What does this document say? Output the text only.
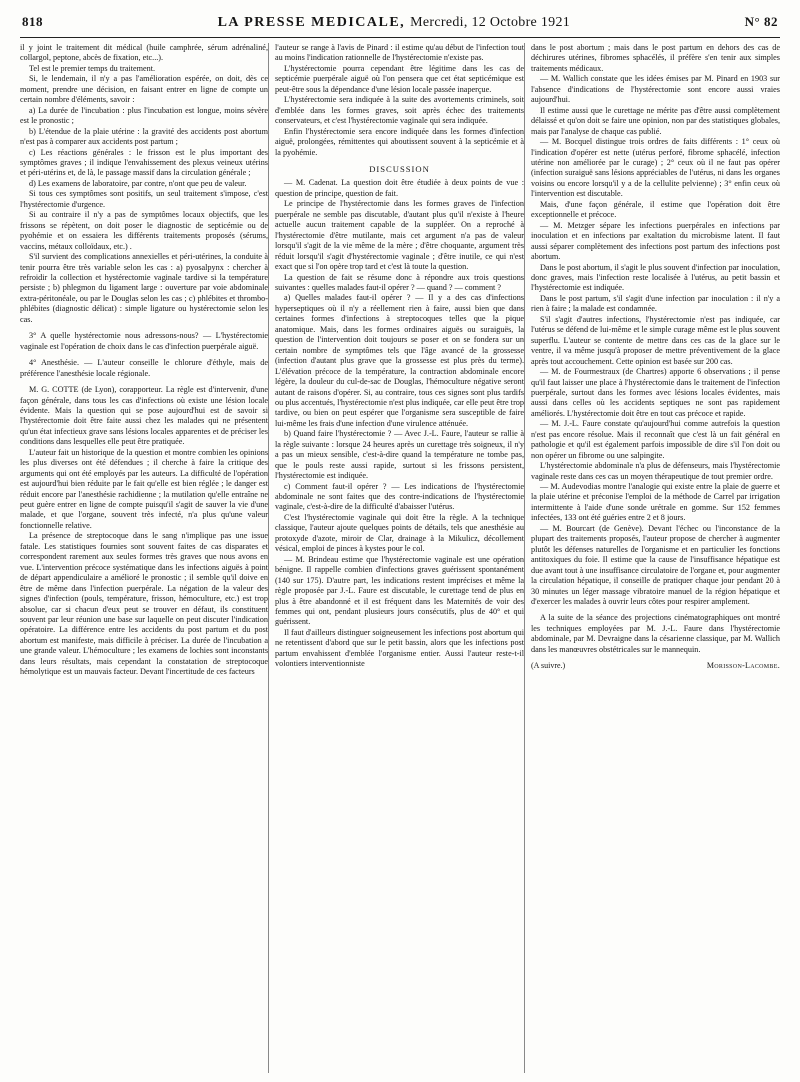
818	LA PRESSE MEDICALE, Mercredi, 12 Octobre 1921	N° 82

il y joint le traitement dit médical (huile camphrée, sérum adrénaliné, collargol, peptone, abcès de fixation, etc...).

Tel est le premier temps du traitement.

Si, le lendemain, il n'y a pas l'amélioration espérée, on doit, dès ce moment, prendre une décision, en faisant entrer en ligne de compte un certain nombre d'éléments, savoir :

a) La durée de l'incubation : plus l'incubation est longue, moins sévère est le pronostic ;

b) L'étendue de la plaie utérine : la gravité des accidents post abortum n'est pas à comparer aux accidents post partum ;

c) Les réactions générales : le frisson est le plus important des symptômes graves ; il indique l'envahissement des plexus veineux utérins et péri-utérins et, de là, le passage massif dans la circulation générale ;

d) Les examens de laboratoire, par contre, n'ont que peu de valeur.

Si tous ces symptômes sont positifs, un seul traitement s'impose, c'est l'hystérectomie d'urgence.

Si au contraire il n'y a pas de symptômes locaux objectifs, que les frissons se répètent, on doit poser le diagnostic de septicémie ou de pyohémie et on essaiera les différents traitements proposés (sérums, vaccins, métaux colloïdaux, etc.) .

S'il survient des complications annexielles et péri-utérines, la conduite à tenir pourra être très variable selon les cas : a) pyosalpynx : chercher à refroidir la collection et hystérectomie vaginale tardive si la température persiste ; b) phlegmon du ligament large : ouverture par voie abdominale extra-péritonéale, ou par le Douglas selon les cas ; c) phlébites et thrombo-phlébites (diagnostic délicat) : simple ligature ou hystérectomie selon les cas.

3° A quelle hystérectomie nous adressons-nous? — L'hystérectomie vaginale est l'opération de choix dans le cas d'infection puerpérale aiguë.

4° Anesthésie. — L'auteur conseille le chlorure d'éthyle, mais de préférence l'anesthésie locale régionale.

M. G. COTTE (de Lyon), corapporteur. La règle est d'intervenir, d'une façon générale, dans tous les cas d'infections où existe une lésion locale évidente. Mais la question qui se pose aujourd'hui est de savoir si l'hystérectomie doit être faite aussi chez les malades qui ne présentent qu'un état infectieux grave sans lésions locales apparentes et de préciser les conditions dans lesquelles elle peut être pratiquée.

L'auteur fait un historique de la question et montre combien les opinions les plus diverses ont été défendues ; il cherche à faire la critique des arguments qui ont été employés par les auteurs. La difficulté de l'opération est aujourd'hui bien réduite par le fait qu'elle est bien réglée ; le danger est réduit encore par l'anesthésie rachidienne ; la mutilation qu'elle entraîne ne peut guère entrer en ligne de compte puisqu'il s'agit de sauver la vie d'une malade, et que l'organe, souvent très infecté, n'a plus qu'une valeur fonctionnelle relative.

La présence de streptocoque dans le sang n'implique pas une issue fatale. Les statistiques fournies sont souvent faites de cas disparates et correspondent rarement aux seules formes très graves que nous avons en vue. L'intervention précoce systématique dans les infections aiguës à point de départ appendiculaire a amélioré le pronostic ; il semble qu'il doive en être de même dans l'infection puerpérale. La négation de la valeur des signes d'infection (pouls, température, frisson, hémoculture, etc.) est trop absolue, car si chacun d'eux peut se trouver en défaut, ils constituent souvent par leur réunion une base sur laquelle on peut discuter l'indication opératoire. La différence entre les accidents du post partum et du post abortum est manifeste, mais difficile à préciser. La durée de l'incubation a une grande valeur. L'hémoculture ; les examens de lochies sont inconstants dans leurs résultats, mais cependant la constatation de streptocoque hémolytique est un mauvais facteur. Devant l'incertitude de ces facteurs

l'auteur se range à l'avis de Pinard : il estime qu'au début de l'infection tout au moins l'indication rationnelle de l'hystérectomie n'existe pas.

L'hystérectomie pourra cependant être légitime dans les cas de septicémie puerpérale aiguë où l'on pensera que cet état septicémique est peut-être sous la dépendance d'une lésion locale passée inaperçue.

L'hystérectomie sera indiquée à la suite des avortements criminels, soit d'emblée dans les formes graves, soit après échec des traitements conservateurs, et c'est l'hystérectomie vaginale qui sera indiquée.

Enfin l'hystérectomie sera encore indiquée dans les formes d'infection aiguë, prolongées, rémittentes qui aboutissent souvent à la septicémie et à la pyohémie.

DISCUSSION

— M. Cadenat. La question doit être étudiée à deux points de vue : question de principe, question de fait.

Le principe de l'hystérectomie dans les formes graves de l'infection puerpérale ne semble pas discutable, d'autant plus qu'il n'existe à l'heure actuelle aucun traitement capable de la suppléer. On a reproché à l'hystérectomie d'être mutilante, mais cet argument n'a pas de valeur lorsqu'il s'agit de la vie même de la mère ; d'être choquante, argument très réduit lorsqu'il s'agit d'hystérectomie vaginale ; d'être inutile, ce qui n'est exact que si l'on opère trop tard et c'est là toute la question.

La question de fait se résume donc à répondre aux trois questions suivantes : quelles malades faut-il opérer ? — quand ? — comment ?

a) Quelles malades faut-il opérer ? — Il y a des cas d'infections hyperseptiques où il n'y a réellement rien à faire, aussi bien que dans certaines formes d'infections à streptocoques telles que la pique anatomique. Mais, dans les formes ordinaires aiguës ou suraiguës, la question de l'intervention doit toujours se poser et on se fondera sur un certain nombre de symptômes tels que l'âge avancé de la grossesse (infection d'autant plus grave que la grossesse est plus près du terme). L'élévation précoce de la température, la contraction abdominale encore légère, la douleur du cul-de-sac de Douglas, l'hémoculture négative seront autant de raisons d'opérer. Si, au contraire, tous ces signes sont plus tardifs ou plus accentués, l'hystérectomie n'est plus indiquée, car elle peut être trop tardive, ou bien on peut espérer que l'organisme sera susceptible de faire lui-même les frais d'une infection d'une virulence atténuée.

b) Quand faire l'hystérectomie ? — Avec J.-L. Faure, l'auteur se rallie à la règle suivante : lorsque 24 heures après un curettage très soigneux, il n'y a pas un mieux sensible, c'est-à-dire quand la température ne tombe pas, que le pouls reste aussi rapide, surtout si les frissons persistent, l'hystérectomie est indiquée.

c) Comment faut-il opérer ? — Les indications de l'hystérectomie abdominale ne sont faites que des contre-indications de l'hystérectomie vaginale, c'est-à-dire de la difficulté d'abaisser l'utérus.

C'est l'hystérectomie vaginale qui doit être la règle. A la technique classique, l'auteur ajoute quelques points de détails, tels que anesthésie au protoxyde d'azote, miroir de Clar, drainage à la Mikulicz, décollement vésical, emploi de pinces à kystes pour le col.

— M. Brindeau estime que l'hystérectomie vaginale est une opération bénigne. Il rappelle combien d'infections graves guérissent spontanément (140 sur 175). D'autre part, les indications restent imprécises et même la règle proposée par J.-L. Faure est discutable, le curettage tend de plus en plus à être abandonné et il est fréquent dans les Maternités de voir des femmes qui ont, pendant plusieurs jours consécutifs, plus de 40° et qui guérissent.

Il faut d'ailleurs distinguer soigneusement les infections post abortum qui ne retentissent d'abord que sur le petit bassin, alors que les infections post partum envahissent d'emblée l'organisme entier. Aussi l'auteur reste-t-il volontiers interventionniste

dans le post abortum ; mais dans le post partum en dehors des cas de déchirures utérines, fibromes sphacélés, il préfère s'en tenir aux simples traitements médicaux.

— M. Wallich constate que les idées émises par M. Pinard en 1903 sur l'absence d'indications de l'hystérectomie sont encore aussi vraies aujourd'hui.

Il estime aussi que le curettage ne mérite pas d'être aussi complètement délaissé et qu'on doit se faire une opinion, non par des statistiques globales, mais par l'analyse de chaque cas publié.

— M. Bocquel distingue trois ordres de faits différents : 1° ceux où l'indication d'opérer est nette (utérus perforé, fibrome sphacélé, infection utérine non améliorée par le curage) ; 2° ceux où il ne faut pas opérer (infection suraiguë sans lésions appréciables de l'utérus, ni dans les organes voisins ou encore lorsqu'il y a de la cellulite pelvienne) ; 3° enfin ceux où l'intervention est discutable.

Mais, d'une façon générale, il estime que l'opération doit être exceptionnelle et précoce.

— M. Metzger sépare les infections puerpérales en infections par inoculation et en infections par exaltation du microbisme latent. Il faut aussi séparer complètement des infections post partum des infections post abortum.

Dans le post abortum, il s'agit le plus souvent d'infection par inoculation, donc graves, mais l'infection reste localisée à l'utérus, au petit bassin et l'hystérectomie est indiquée.

Dans le post partum, s'il s'agit d'une infection par inoculation : il n'y a rien à faire ; la malade est condamnée.

S'il s'agit d'autres infections, l'hystérectomie n'est pas indiquée, car l'utérus se défend de lui-même et le simple curage même est le plus souvent superflu. L'auteur se contente de mettre dans ces cas de la glace sur le ventre, il va même jusqu'à proposer de mettre préventivement de la glace après tout accouchement. Cette opinion est basée sur 200 cas.

— M. de Fourmestraux (de Chartres) apporte 6 observations ; il pense qu'il faut laisser une place à l'hystérectomie dans le traitement de l'infection puerpérale, surtout dans les formes avec lésions locales évidentes, mais aussi dans celles où les accidents septiques ne sont pas rapidement améliorés. L'hystérectomie doit être en tout cas précoce et rapide.

— M. J.-L. Faure constate qu'aujourd'hui comme autrefois la question n'est pas encore résolue. Mais il reconnaît que c'est là un fait général en pathologie et qu'il est également parfois impossible de dire s'il l'on doit ou non opérer un fibrome ou une salpingite.

L'hystérectomie abdominale n'a plus de défenseurs, mais l'hystérectomie vaginale reste dans ces cas un moyen thérapeutique de tout premier ordre.

— M. Audevodias montre l'analogie qui existe entre la plaie de guerre et la plaie utérine et préconise l'emploi de la méthode de Carrel par irrigation intermittente à l'aide d'une sonde urétrale en gomme. Sur 152 femmes infectées, 133 ont été guéries entre 2 et 8 jours.

— M. Bourcart (de Genève). Devant l'échec ou l'inconstance de la plupart des traitements proposés, l'auteur propose de chercher à augmenter plutôt les défenses naturelles de l'organisme et en particulier les fonctions antitoxiques du foie. Il estime que la cause de l'insuffisance hépatique est due avant tout à une insuffisance circulatoire de l'organe et, pour augmenter la circulation hépatique, il conseille de pratiquer chaque jour pendant 20 à 30 minutes un léger massage vibratoire manuel de la région hépatique et d'exercer les malades à ouvrir leurs côtes pour respirer amplement.

A la suite de la séance des projections cinématographiques ont montré les techniques employées par M. J.-L. Faure dans l'hystérectomie abdominale, par M. Devraigne dans la césarienne classique, par M. Wallich dans les manœuvres obstétricales sur le mannequin.

(A suivre.)	Morisson-Lacombe.
